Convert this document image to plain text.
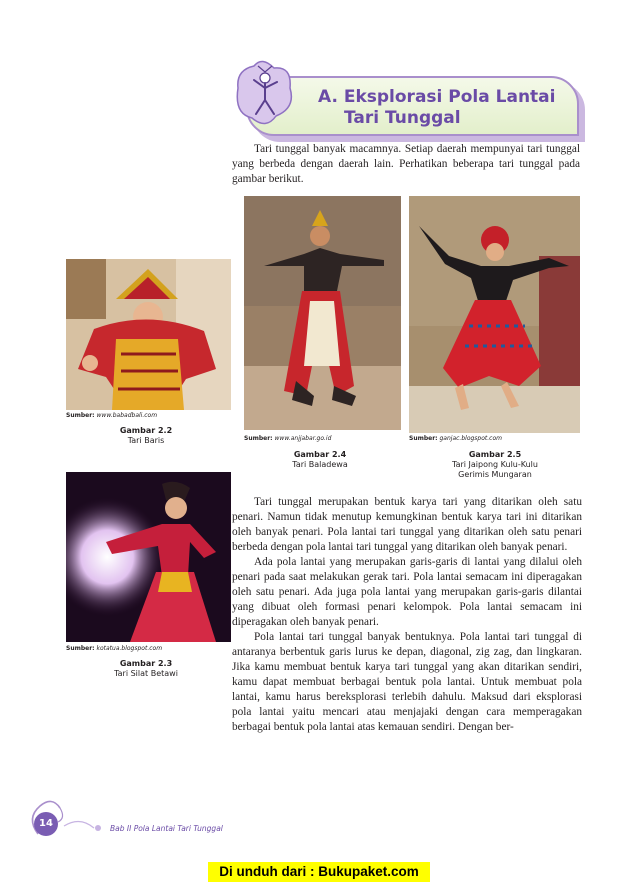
A. Eksplorasi Pola Lantai
Tari Tunggal

Tari tunggal banyak macamnya. Setiap daerah mempunyai tari tunggal yang berbeda dengan daerah lain. Perhatikan beberapa tari tunggal pada gambar berikut.

Sumber: www.babadbali.com
Gambar 2.2
Tari Baris	Sumber: www.anjjabar.go.id
Gambar 2.4
Tari Baladewa
Sumber: ganjac.blogspot.com
Gambar 2.5
Tari Jaipong Kulu-Kulu
Gerimis Mungaran
Sumber: kotatua.blogspot.com
Gambar 2.3
Tari Silat Betawi

Tari tunggal merupakan bentuk karya tari yang ditarikan oleh satu penari. Namun tidak menutup kemungkinan bentuk karya tari ini ditarikan oleh banyak penari. Pola lantai tari tunggal yang ditarikan oleh satu penari berbeda dengan pola lantai tari tunggal yang ditarikan oleh banyak penari.

Ada pola lantai yang merupakan garis-garis di lantai yang dilalui oleh penari pada saat melakukan gerak tari. Pola lantai semacam ini diperagakan oleh satu penari. Ada juga pola lantai yang merupakan garis-garis dilantai yang dibuat oleh formasi penari kelompok. Pola lantai semacam ini diperagakan oleh banyak penari.

Pola lantai tari tunggal banyak bentuknya. Pola lantai tari tunggal di antaranya berbentuk garis lurus ke depan, diagonal, zig zag, dan lingkaran. Jika kamu membuat bentuk karya tari tunggal yang akan ditarikan sendiri, kamu dapat membuat berbagai bentuk pola lantai. Untuk membuat pola lantai, kamu harus bereksplorasi terlebih dahulu. Maksud dari eksplorasi pola lantai yaitu mencari atau menjajaki dengan cara memperagakan berbagai bentuk pola lantai atas kemauan sendiri. Dengan ber-

14	Bab II Pola Lantai Tari Tunggal
Di unduh dari : Bukupaket.com
